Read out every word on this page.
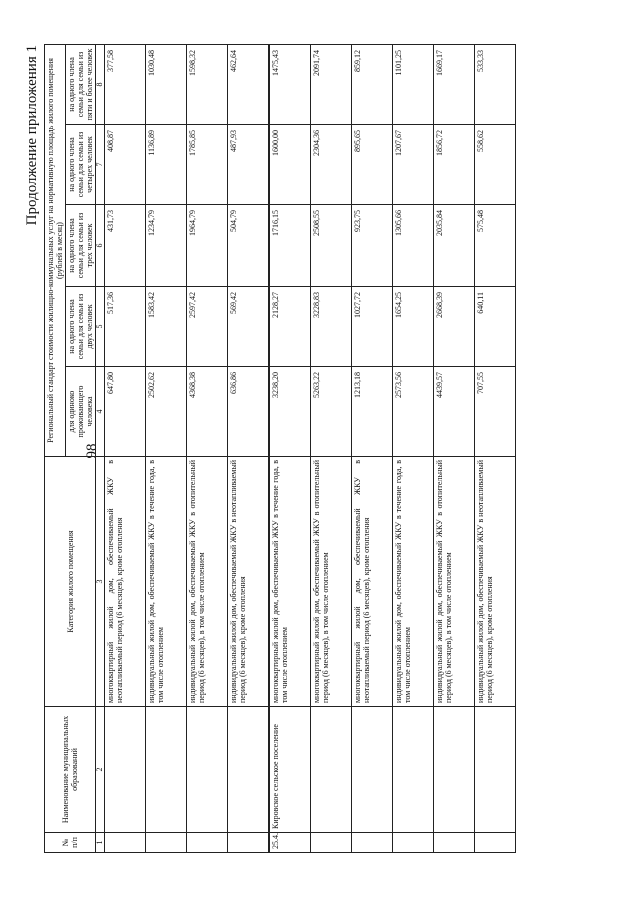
98
Продолжение приложения 1
№ п/п	Наименование муниципальных образований	Категория жилого помещения	Региональный стандарт стоимости жилищно-коммунальных услуг на нормативную площадь жилого помещения (рублей в месяц)				
			для одиноко проживающего человека	на одного члена семьи для семьи из двух человек	на одного члена семьи для семьи из трех человек	на одного члена семьи для семьи из четырех человек	на одного члена семьи для семьи из пяти и более человек
1	2	3	4	5	6	7	8
		многоквартирный жилой дом, обеспечиваемый ЖКУ в неотапливаемый период (6 месяцев), кроме отопления	647,80	517,36	431,73	408,87	377,58
		индивидуальный жилой дом, обеспечиваемый ЖКУ в течение года, в том числе отоплением	2502,62	1583,42	1234,79	1136,89	1030,48
		индивидуальный жилой дом, обеспечиваемый ЖКУ в отопительный период (6 месяцев), в том числе отоплением	4368,38	2597,42	1964,79	1785,85	1598,32
		индивидуальный жилой дом, обеспечиваемый ЖКУ в неотапливаемый период (6 месяцев), кроме отопления	636,86	569,42	504,79	487,93	462,64
25.4.	Кировское сельское поселение	многоквартирный жилой дом, обеспечиваемый ЖКУ в течение года, в том числе отоплением	3238,20	2128,27	1716,15	1600,00	1475,43
		многоквартирный жилой дом, обеспечиваемый ЖКУ в отопительный период (6 месяцев), в том числе отоплением	5263,22	3228,83	2508,55	2304,36	2091,74
		многоквартирный жилой дом, обеспечиваемый ЖКУ в неотапливаемый период (6 месяцев), кроме отопления	1213,18	1027,72	923,75	895,65	859,12
		индивидуальный жилой дом, обеспечиваемый ЖКУ в течение года, в том числе отоплением	2573,56	1654,25	1305,66	1207,67	1101,25
		индивидуальный жилой дом, обеспечиваемый ЖКУ в отопительный период (6 месяцев), в том числе отоплением	4439,57	2668,39	2035,84	1856,72	1669,17
		индивидуальный жилой дом, обеспечиваемый ЖКУ в неотапливаемый период (6 месяцев), кроме отопления	707,55	640,11	575,48	558,62	533,33
